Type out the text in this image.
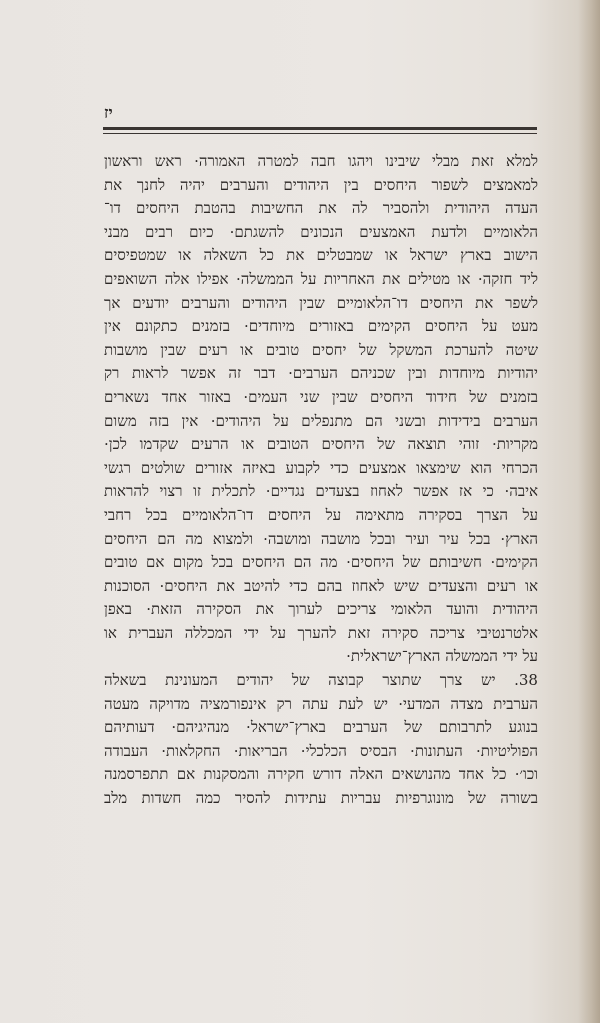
יז
למלא זאת מבלי שיבינו ויהגו חבה למטרה האמורה· ראש וראשון
למאמצים לשפור היחסים בין היהודים והערבים יהיה לחנך את
העדה היהודית ולהסביר לה את החשיבות בהטבת היחסים דו־
הלאומיים ולדעת האמצעים הנכונים להשגתם· כיום רבים מבני
הישוב בארץ ישראל או שמבטלים את כל השאלה או שמטפיסים
ליד חזקה· או מטילים את האחריות על הממשלה· אפילו אלה השואפים
לשפר את היחסים דו־הלאומיים שבין היהודים והערבים יודעים אך
מעט על היחסים הקימים באזורים מיוחדים· בזמנים כתקונם אין
שיטה להערכת המשקל של יחסים טובים או רעים שבין מושבות
יהודיות מיוחדות ובין שכניהם הערבים· דבר זה אפשר לראות רק
בזמנים של חידוד היחסים שבין שני העמים· באזור אחד נשארים
הערבים בידידות ובשני הם מתנפלים על היהודים· אין בזה משום
מקריות· זוהי תוצאה של היחסים הטובים או הרעים שקדמו לכן·
הכרחי הוא שימצאו אמצעים כדי לקבוע באיזה אזורים שולטים רגשי
איבה· כי אז אפשר לאחוז בצעדים נגדיים· לתכלית זו רצוי להראות
על הצרך בסקירה מתאימה על היחסים דו־הלאומיים בכל רחבי
הארץ· בכל עיר ועיר ובכל מושבה ומושבה· ולמצוא מה הם היחסים
הקימים· חשיבותם של היחסים· מה הם היחסים בכל מקום אם טובים
או רעים והצעדים שיש לאחוז בהם כדי להיטב את היחסים· הסוכנות
היהודית והועד הלאומי צריכים לערוך את הסקירה הזאת· באפן
אלטרנטיבי צריכה סקירה זאת להערך על ידי המכללה העברית או
על ידי הממשלה הארץ־ישראלית·
38. יש צרך שתוצר קבוצה של יהודים המעונינת בשאלה
הערבית מצדה המדעי· יש לעת עתה רק אינפורמציה מדויקה מעטה
בנוגע לתרבותם של הערבים בארץ־ישראל· מנהיגיהם· דעותיהם
הפוליטיות· העתונות· הבסיס הכלכלי· הבריאות· החקלאות· העבודה
וכו׳· כל אחד מהנושאים האלה דורש חקירה והמסקנות אם תתפרסמנה
בשורה של מונוגרפיות עבריות עתידות להסיר כמה חשדות מלב
